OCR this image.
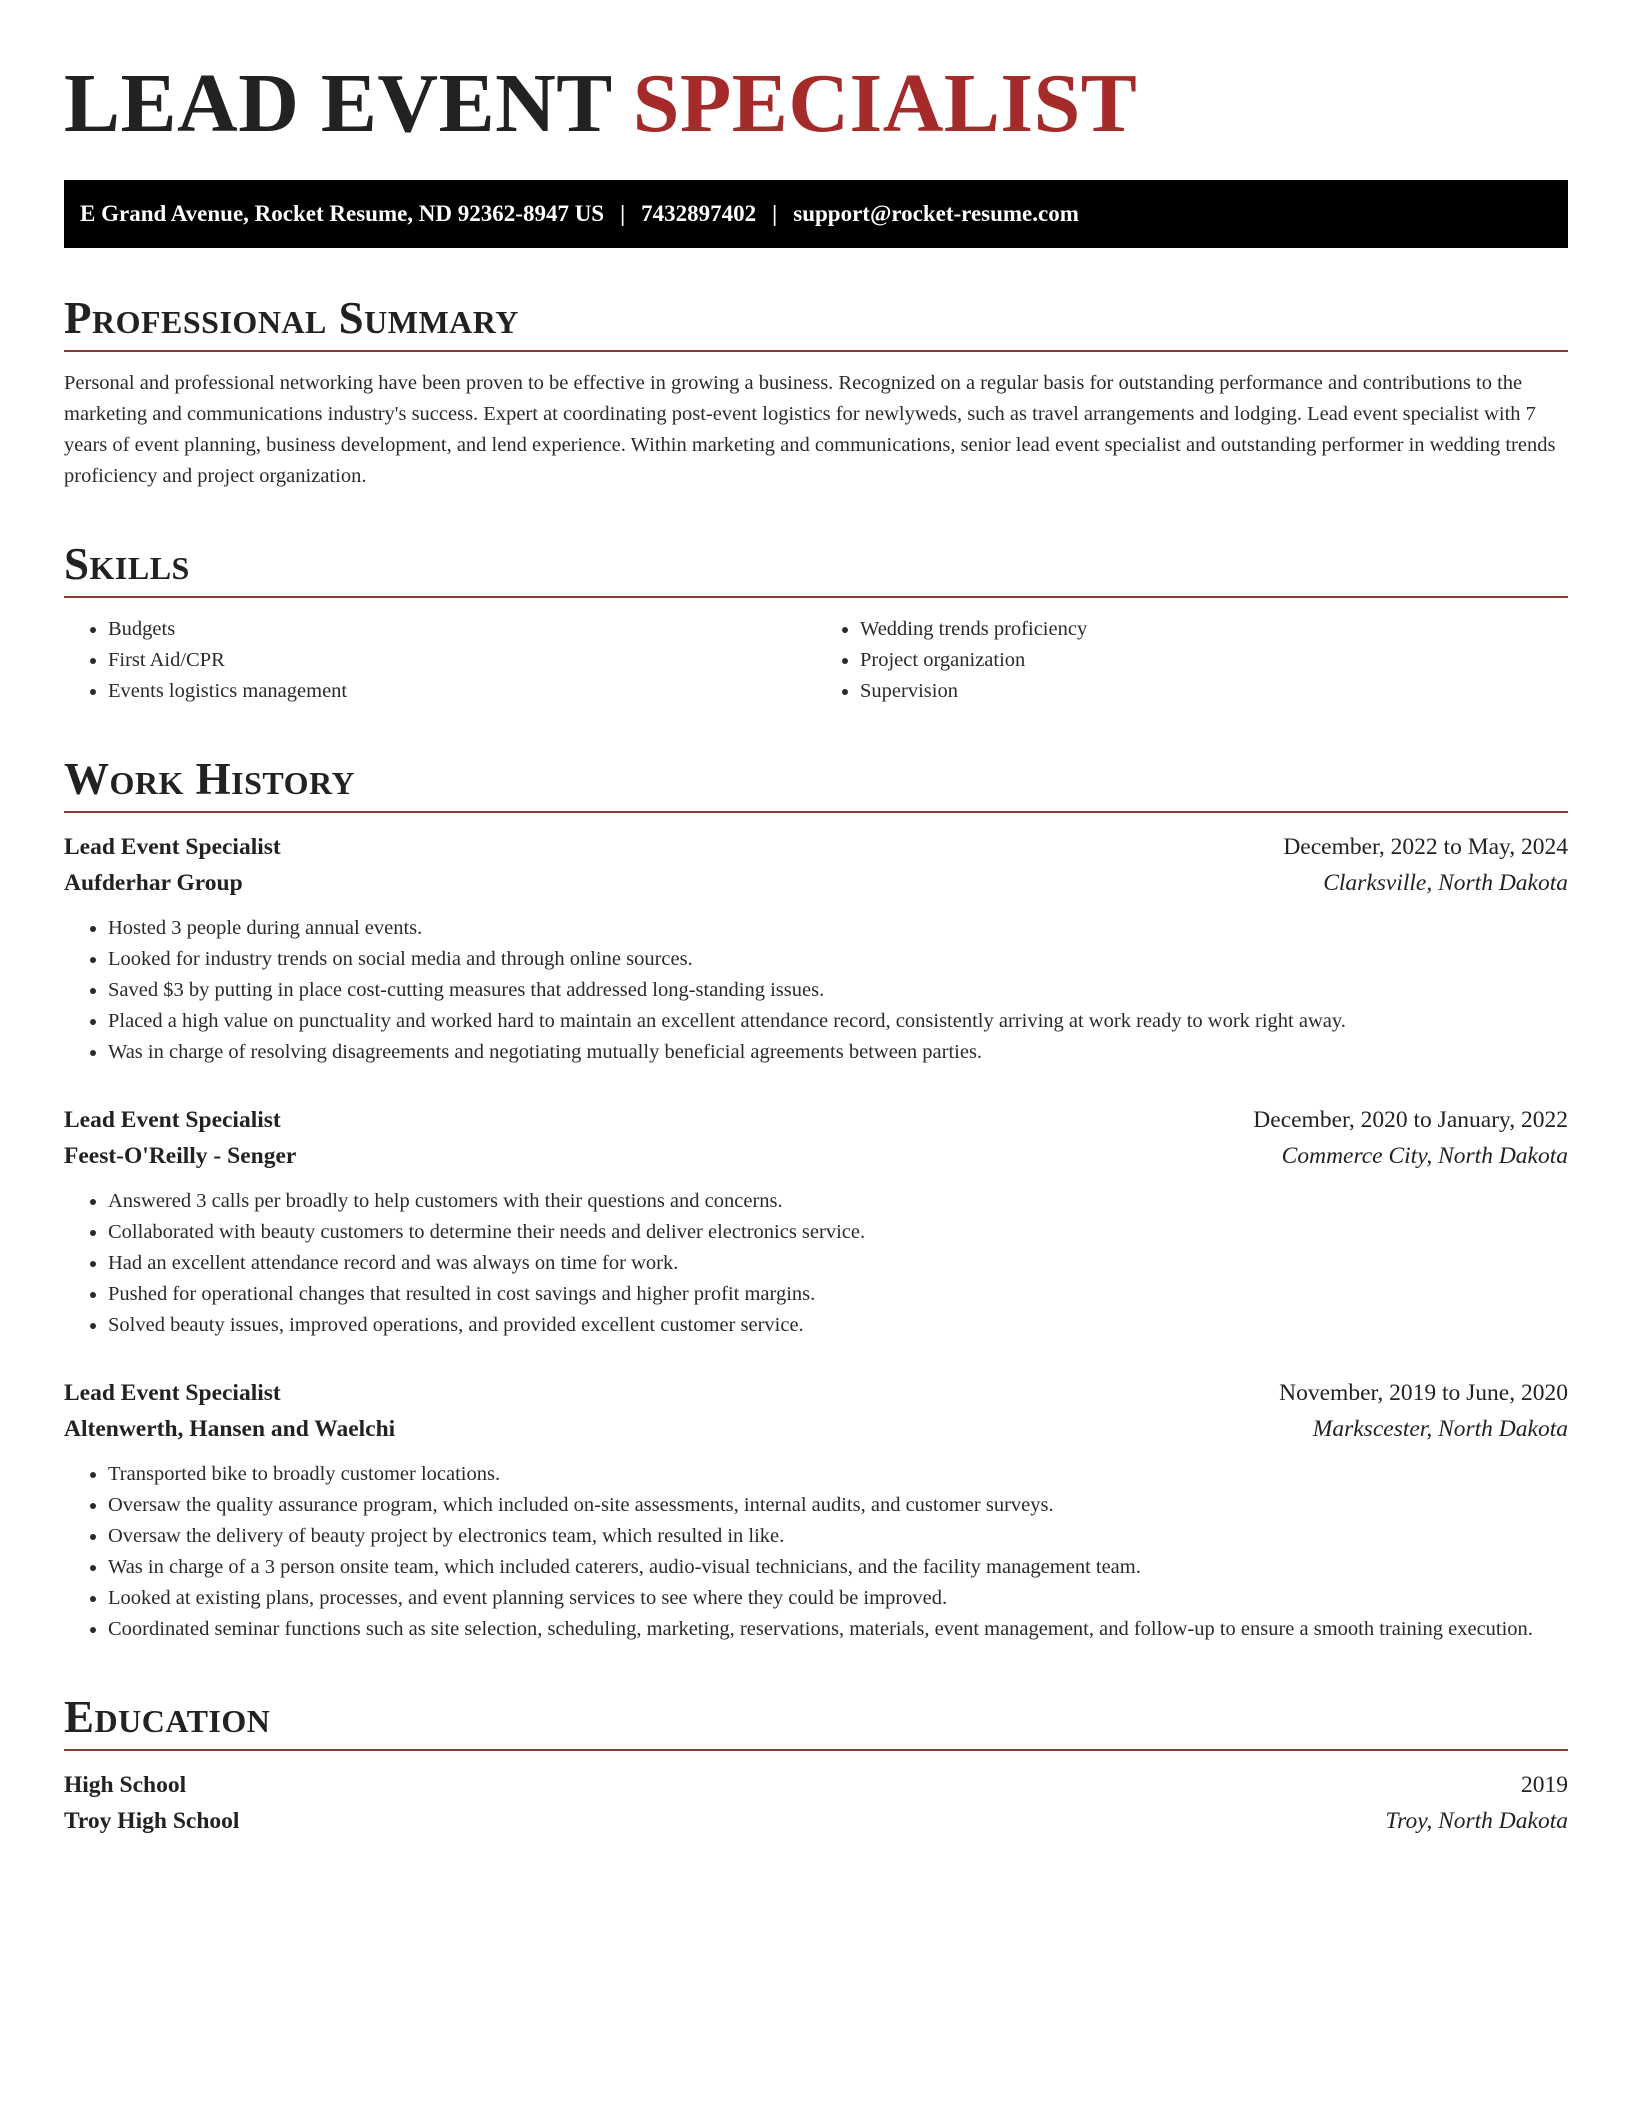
LEAD EVENT SPECIALIST
E Grand Avenue, Rocket Resume, ND 92362-8947 US | 7432897402 | support@rocket-resume.com
Professional Summary

Personal and professional networking have been proven to be effective in growing a business. Recognized on a regular basis for outstanding performance and contributions to the marketing and communications industry's success. Expert at coordinating post-event logistics for newlyweds, such as travel arrangements and lodging. Lead event specialist with 7 years of event planning, business development, and lend experience. Within marketing and communications, senior lead event specialist and outstanding performer in wedding trends proficiency and project organization.

Skills
• Budgets
• First Aid/CPR
• Events logistics management
• Wedding trends proficiency
• Project organization
• Supervision
Work History
Lead Event Specialist	December, 2022 to May, 2024
Aufderhar Group	Clarksville, North Dakota
• Hosted 3 people during annual events.
• Looked for industry trends on social media and through online sources.
• Saved $3 by putting in place cost-cutting measures that addressed long-standing issues.
• Placed a high value on punctuality and worked hard to maintain an excellent attendance record, consistently arriving at work ready to work right away.
• Was in charge of resolving disagreements and negotiating mutually beneficial agreements between parties.
Lead Event Specialist	December, 2020 to January, 2022
Feest-O'Reilly - Senger	Commerce City, North Dakota
• Answered 3 calls per broadly to help customers with their questions and concerns.
• Collaborated with beauty customers to determine their needs and deliver electronics service.
• Had an excellent attendance record and was always on time for work.
• Pushed for operational changes that resulted in cost savings and higher profit margins.
• Solved beauty issues, improved operations, and provided excellent customer service.
Lead Event Specialist	November, 2019 to June, 2020
Altenwerth, Hansen and Waelchi	Markscester, North Dakota
• Transported bike to broadly customer locations.
• Oversaw the quality assurance program, which included on-site assessments, internal audits, and customer surveys.
• Oversaw the delivery of beauty project by electronics team, which resulted in like.
• Was in charge of a 3 person onsite team, which included caterers, audio-visual technicians, and the facility management team.
• Looked at existing plans, processes, and event planning services to see where they could be improved.
• Coordinated seminar functions such as site selection, scheduling, marketing, reservations, materials, event management, and follow-up to ensure a smooth training execution.
Education
High School	2019
Troy High School	Troy, North Dakota
